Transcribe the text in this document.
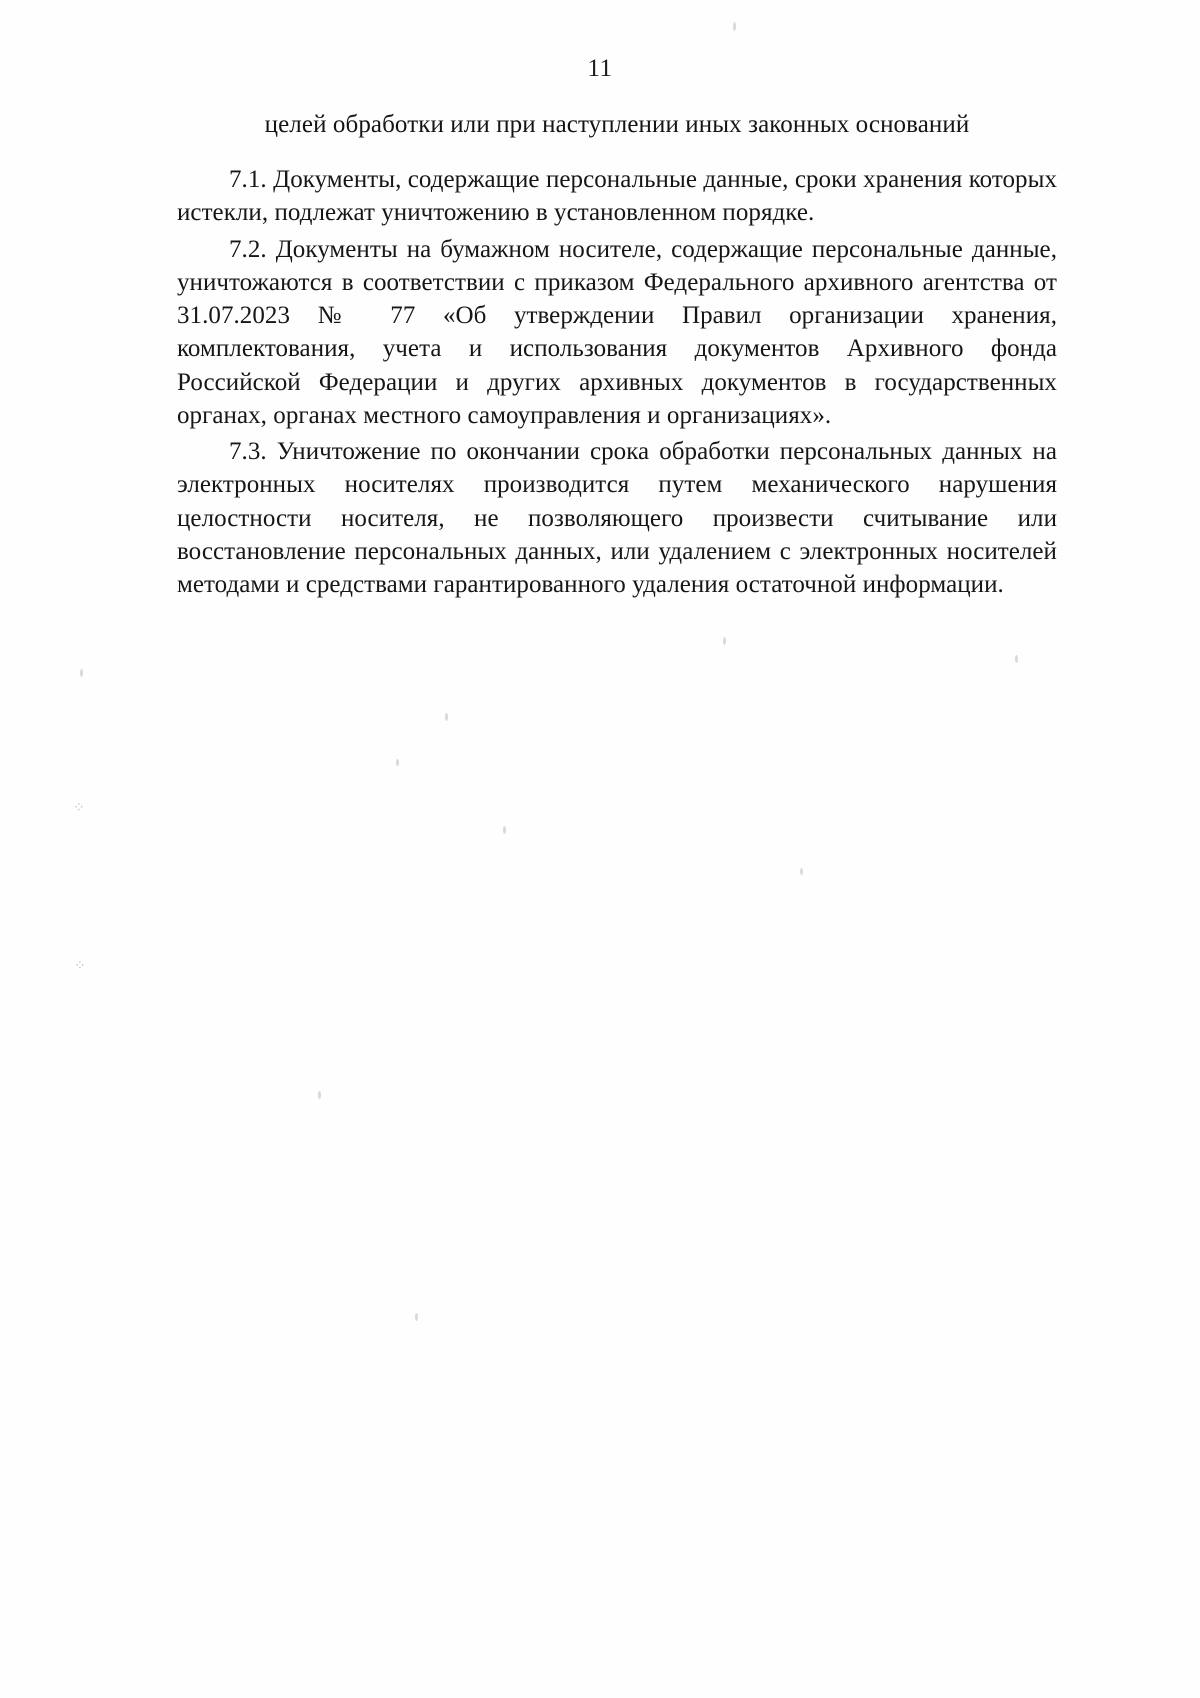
11
целей обработки или при наступлении иных законных оснований

7.1. Документы, содержащие персональные данные, сроки хранения которых истекли, подлежат уничтожению в установленном порядке.

7.2. Документы на бумажном носителе, содержащие персональные данные, уничтожаются в соответствии с приказом Федерального архивного агентства от 31.07.2023 № 77 «Об утверждении Правил организации хранения, комплектования, учета и использования документов Архивного фонда Российской Федерации и других архивных документов в государственных органах, органах местного самоуправления и организациях».

7.3. Уничтожение по окончании срока обработки персональных данных на электронных носителях производится путем механического нарушения целостности носителя, не позволяющего произвести считывание или восстановление персональных данных, или удалением с электронных носителей методами и средствами гарантированного удаления остаточной информации.

⁘
⁘
